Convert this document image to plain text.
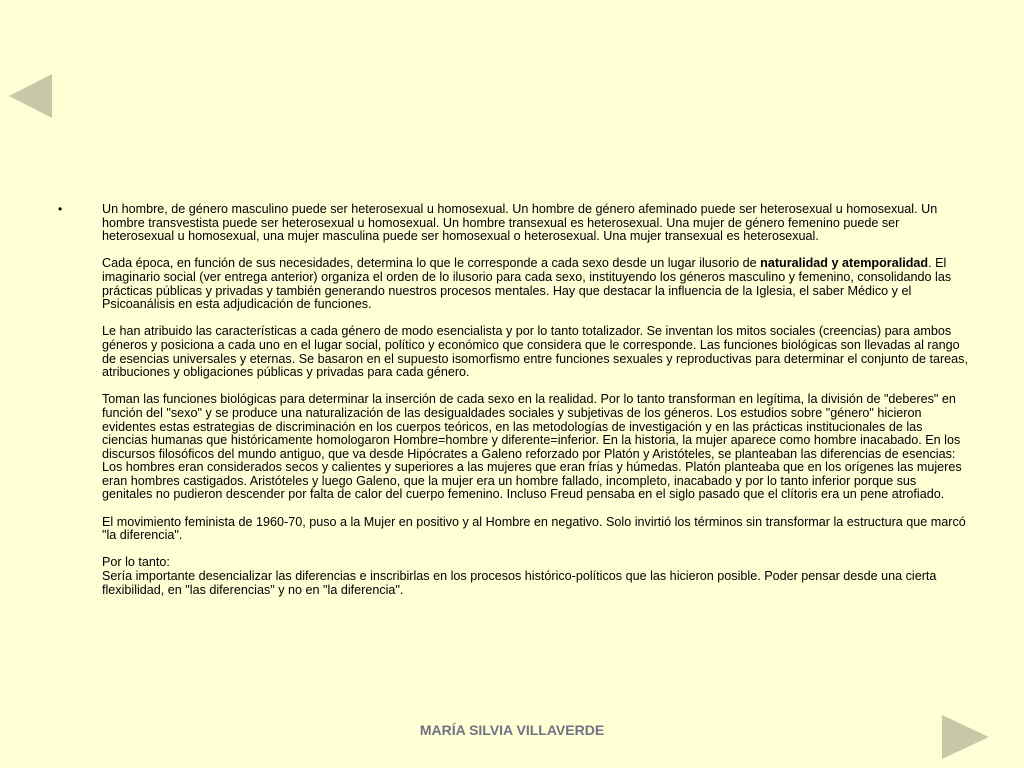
•	Un hombre, de género masculino puede ser heterosexual u homosexual. Un hombre de género afeminado puede ser heterosexual u homosexual. Un hombre transvestista puede ser heterosexual u homosexual. Un hombre transexual es heterosexual. Una mujer de género femenino puede ser heterosexual u homosexual, una mujer masculina puede ser homosexual o heterosexual. Una mujer transexual es heterosexual.

Cada época, en función de sus necesidades, determina lo que le corresponde a cada sexo desde un lugar ilusorio de naturalidad y atemporalidad. El imaginario social (ver entrega anterior) organiza el orden de lo ilusorio para cada sexo, instituyendo los géneros masculino y femenino, consolidando las prácticas públicas y privadas y también generando nuestros procesos mentales. Hay que destacar la influencia de la Iglesia, el saber Médico y el Psicoanálisis en esta adjudicación de funciones.

Le han atribuido las características a cada género de modo esencialista y por lo tanto totalizador. Se inventan los mitos sociales (creencias) para ambos géneros y posiciona a cada uno en el lugar social, político y económico que considera que le corresponde. Las funciones biológicas son llevadas al rango de esencias universales y eternas. Se basaron en el supuesto isomorfismo entre funciones sexuales y reproductivas para determinar el conjunto de tareas, atribuciones y obligaciones públicas y privadas para cada género.

Toman las funciones biológicas para determinar la inserción de cada sexo en la realidad. Por lo tanto transforman en legítima, la división de "deberes" en función del "sexo" y se produce una naturalización de las desigualdades sociales y subjetivas de los géneros. Los estudios sobre "género" hicieron evidentes estas estrategias de discriminación en los cuerpos teóricos, en las metodologías de investigación y en las prácticas institucionales de las ciencias humanas que históricamente homologaron Hombre=hombre y diferente=inferior. En la historia, la mujer aparece como hombre inacabado. En los discursos filosóficos del mundo antiguo, que va desde Hipócrates a Galeno reforzado por Platón y Aristóteles, se planteaban las diferencias de esencias: Los hombres eran considerados secos y calientes y superiores a las mujeres que eran frías y húmedas. Platón planteaba que en los orígenes las mujeres eran hombres castigados. Aristóteles y luego Galeno, que la mujer era un hombre fallado, incompleto, inacabado y por lo tanto inferior porque sus genitales no pudieron descender por falta de calor del cuerpo femenino. Incluso Freud pensaba en el siglo pasado que el clítoris era un pene atrofiado.

El movimiento feminista de 1960-70, puso a la Mujer en positivo y al Hombre en negativo. Solo invirtió los términos sin transformar la estructura que marcó "la diferencia".

Por lo tanto:
Sería importante desencializar las diferencias e inscribirlas en los procesos histórico-políticos que las hicieron posible. Poder pensar desde una cierta flexibilidad, en "las diferencias" y no en "la diferencia".

MARÍA SILVIA VILLAVERDE
